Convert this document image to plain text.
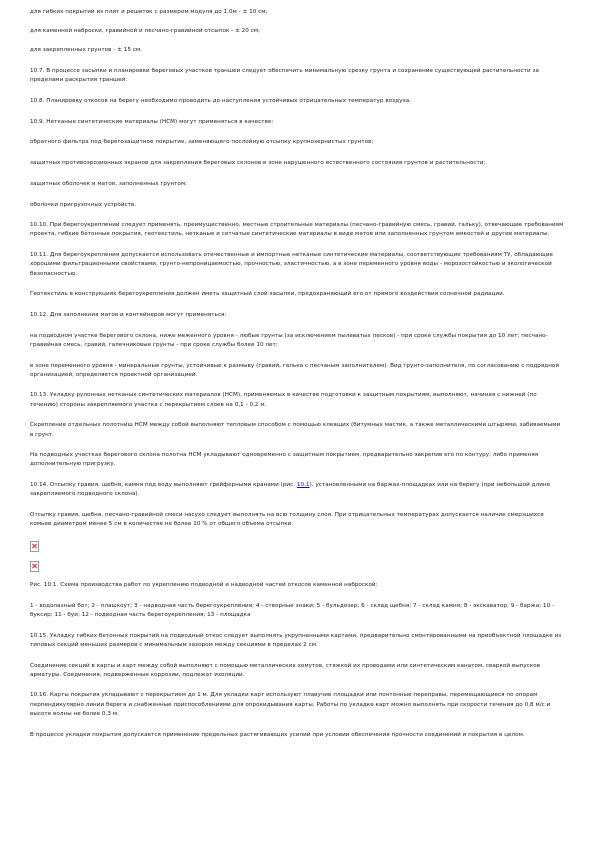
для гибких покрытий из плит и решеток с размером модуля до 1,0м - ± 10 см;

для каменной наброски, гравийной и песчано-гравийной отсыпок - ± 20 см;

для закрепленных грунтов - ± 15 см.

10.7. В процессе засыпки и планировки береговых участков траншеи следует обеспечить минимальную срезку грунта и сохранение существующей растительности за пределами раскрытия траншей.

10.8. Планировку откосов на берегу необходимо проводить до наступления устойчивых отрицательных температур воздуха.

10.9. Нетканые синтетические материалы (НСМ) могут применяться в качестве:

обратного фильтра под берегозащитное покрытие, заменяющего послойную отсыпку крупнозернистых грунтов;

защитных противоэрозионных экранов для закрепления береговых склонов в зоне нарушенного естественного состояния грунтов и растительности;

защитных оболочек и матов, заполненных грунтом;

оболочки пригрузочных устройств.

10.10. При берегоукреплении следует применять, преимущественно, местные строительные материалы (песчано-гравийную смесь, гравий, гальку), отвечающие требованиям проекта, гибкие бетонные покрытия, геотекстиль, нетканые и сетчатые синтетические материалы в виде матов или заполненных грунтом емкостей и другие материалы.

10.11. Для берегоукрепления допускается использовать отечественные и импортные нетканые синтетические материалы, соответствующие требованиям ТУ, обладающие хорошими фильтрационными свойствами, грунто-непроницаемостью, прочностью, эластичностью, а в зоне переменного уровня воды - морозостойкостью и экологической безопасностью.

Геотекстиль в конструкциях берегоукрепления должен иметь защитный слой засыпки, предохраняющий его от прямого воздействия солнечной радиации.

10.12. Для заполнения матов и контейнеров могут применяться:

на подводном участке берегового склона, ниже меженного уровня - любые грунты (за исключением пылеватых песков) - при сроке службы покрытия до 10 лет; песчано-гравийная смесь, гравий, галечниковые грунты - при сроке службы более 10 лет;

в зоне переменного уровня - минеральные грунты, устойчивые к размыву (гравий, галька с песчаным заполнителем). Вид грунто-заполнителя, по согласованию с подрядной организацией, определяется проектной организацией.

10.13. Укладку рулонных нетканых синтетических материалов (НСМ), применяемых в качестве подготовки к защитным покрытиям, выполняют, начиная с нижней (по течению) стороны закрепляемого участка с перекрытием слоев на 0,1 - 0,2 м.

Скрепление отдельных полотнищ НСМ между собой выполняют тепловым способом с помощью клеящих (битумных мастик, а также металлическими штырями, забиваемыми в грунт.

На подводных участках берегового склона полотна НСМ укладывают одновременно с защитным покрытием, предварительно закрепив его по контуру, либо применяя дополнительную пригрузку.

10.14. Отсыпку гравия, щебня, камня под воду выполняют грейферными кранами (рис. 10.1), установленными на баржах-площадках или на берегу (при небольшой длине закрепляемого подводного склона).

Отсыпку гравия, щебня, песчано-гравийной смеси насухо следует выполнять на всю толщину слоя. При отрицательных температурах допускается наличие смерзшихся комьев диаметром менее 5 см в количестве не более 10 % от общего объема отсыпки.

Рис. 10.1. Схема производства работ по укреплению подводной и надводной частей откосов каменной наброской:

1 - водолазный бот; 2 - плашкоут; 3 - надводная часть берегоукрепления; 4 - створные знаки; 5 - бульдозер; 6 - склад щебня; 7 - склад камня; 8 - экскаватор; 9 - баржа; 10 - буксир; 11 - буи; 12 - подводная часть берегоукрепления; 13 - площадка

10.15. Укладку гибких бетонных покрытий на подводный откос следует выполнять укрупненными картами, предварительно смонтированными на приобъектной площадке из типовых секций меньших размеров с минимальным зазором между секциями в пределах 2 см.

Соединение секций в карты и карт между собой выполняют с помощью металлических хомутов, стяжкой их проводами или синтетическим канатом, сваркой выпусков арматуры. Соединения, подверженные коррозии, подлежат изоляции.

10.16. Карты покрытия укладывают с перекрытием до 1 м. Для укладки карт используют плавучие площадки или понтонные переправы, перемещающиеся по опорам перпендикулярно линии берега и снабженные приспособлениями для опрокидывания карты. Работы по укладке карт можно выполнять при скорости течения до 0,8 м/с и высоте волны не более 0,3 м.

В процессе укладки покрытия допускается применение предельных растягивающих усилий при условии обеспечения прочности соединений и покрытия в целом.
